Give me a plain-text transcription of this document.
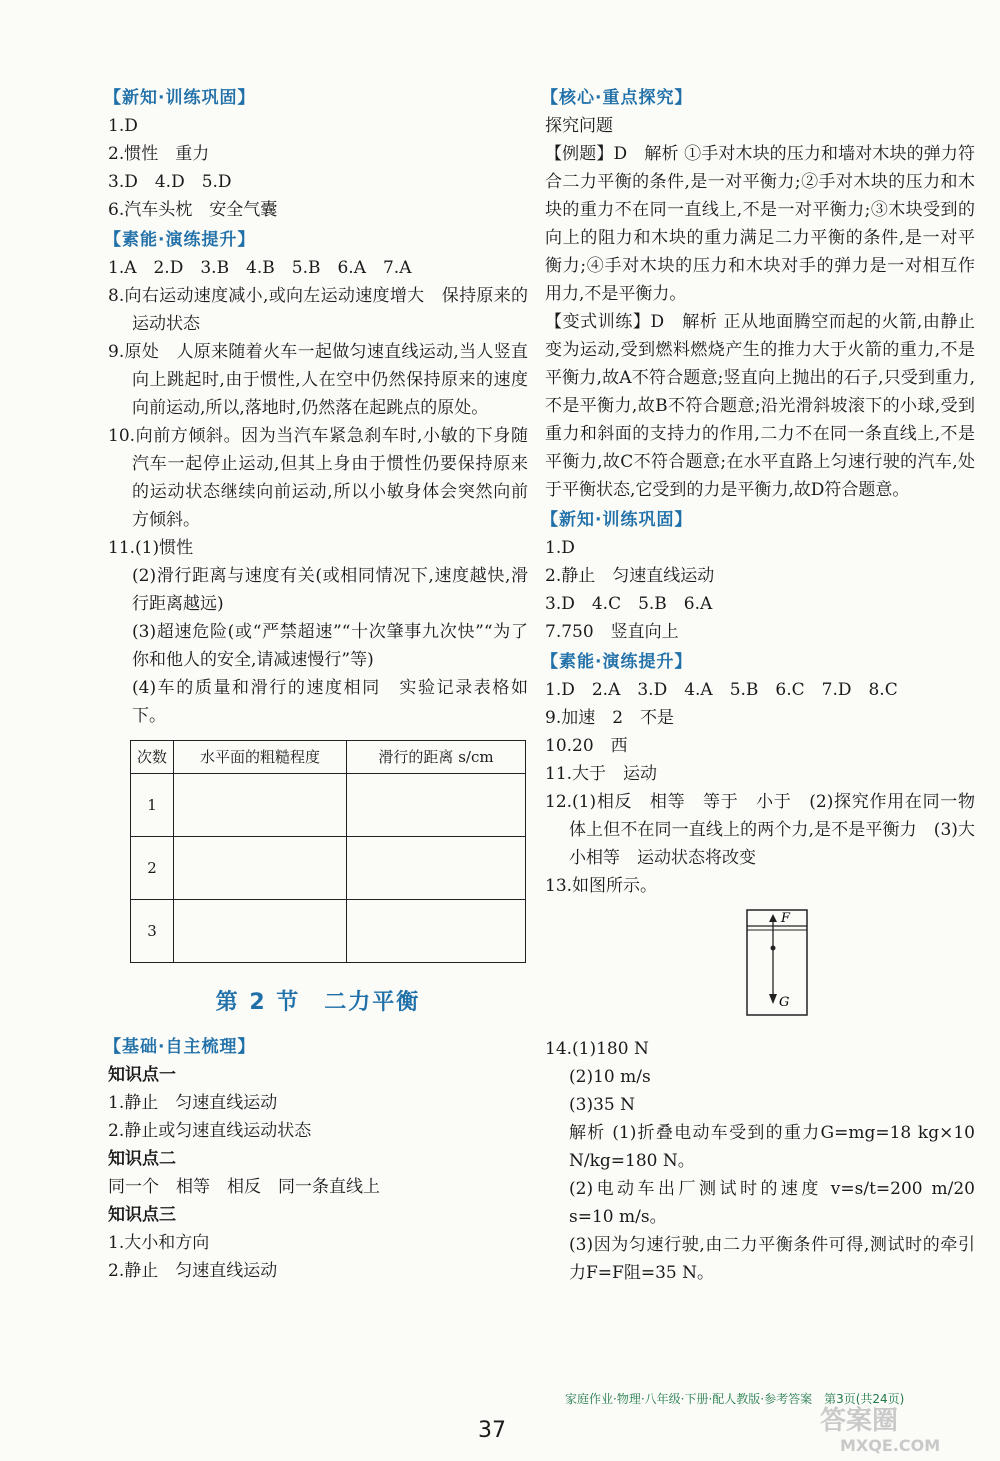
【新知·训练巩固】
1.D
2.惯性　重力
3.D　4.D　5.D
6.汽车头枕　安全气囊
【素能·演练提升】
1.A　2.D　3.B　4.B　5.B　6.A　7.A
8.向右运动速度减小,或向左运动速度增大　保持原来的运动状态
9.原处　人原来随着火车一起做匀速直线运动,当人竖直向上跳起时,由于惯性,人在空中仍然保持原来的速度向前运动,所以,落地时,仍然落在起跳点的原处。
10.向前方倾斜。因为当汽车紧急刹车时,小敏的下身随汽车一起停止运动,但其上身由于惯性仍要保持原来的运动状态继续向前运动,所以小敏身体会突然向前方倾斜。
11.(1)惯性
(2)滑行距离与速度有关(或相同情况下,速度越快,滑行距离越远)
(3)超速危险(或“严禁超速”“十次肇事九次快”“为了你和他人的安全,请减速慢行”等)
(4)车的质量和滑行的速度相同　实验记录表格如下。
次数	水平面的粗糙程度	滑行的距离 s/cm
1		
2		
3		
第 2 节　二力平衡
【基础·自主梳理】
知识点一
1.静止　匀速直线运动
2.静止或匀速直线运动状态
知识点二
同一个　相等　相反　同一条直线上
知识点三
1.大小和方向
2.静止　匀速直线运动
【核心·重点探究】
探究问题
【例题】D　解析 ①手对木块的压力和墙对木块的弹力符合二力平衡的条件,是一对平衡力;②手对木块的压力和木块的重力不在同一直线上,不是一对平衡力;③木块受到的向上的阻力和木块的重力满足二力平衡的条件,是一对平衡力;④手对木块的压力和木块对手的弹力是一对相互作用力,不是平衡力。
【变式训练】D　解析 正从地面腾空而起的火箭,由静止变为运动,受到燃料燃烧产生的推力大于火箭的重力,不是平衡力,故A不符合题意;竖直向上抛出的石子,只受到重力,不是平衡力,故B不符合题意;沿光滑斜坡滚下的小球,受到重力和斜面的支持力的作用,二力不在同一条直线上,不是平衡力,故C不符合题意;在水平直路上匀速行驶的汽车,处于平衡状态,它受到的力是平衡力,故D符合题意。
【新知·训练巩固】
1.D
2.静止　匀速直线运动
3.D　4.C　5.B　6.A
7.750　竖直向上
【素能·演练提升】
1.D　2.A　3.D　4.A　5.B　6.C　7.D　8.C
9.加速　2　不是
10.20　西
11.大于　运动
12.(1)相反　相等　等于　小于　(2)探究作用在同一物体上但不在同一直线上的两个力,是不是平衡力　(3)大小相等　运动状态将改变
13.如图所示。
F
G
14.(1)180 N
(2)10 m/s
(3)35 N
解析 (1)折叠电动车受到的重力G=mg=18 kg×10 N/kg=180 N。
(2)电动车出厂测试时的速度 v=s/t=200 m/20 s=10 m/s。
(3)因为匀速行驶,由二力平衡条件可得,测试时的牵引力F=F阻=35 N。
家庭作业·物理·八年级·下册·配人教版·参考答案　第3页(共24页)
37	答案圈
MXQE.COM
